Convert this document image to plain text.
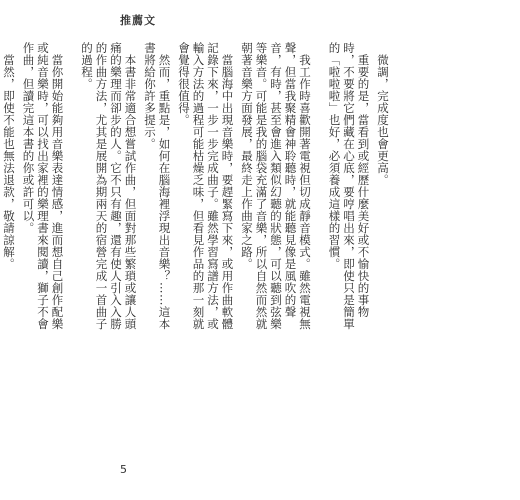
推薦文

微調，完成度也會更高。

重要的是，當看到或經歷什麼美好或不愉快的事物時，不要將它們藏在心底，要哼唱出來，即使只是簡單的「啦啦啦」也好，必須養成這樣的習慣。

我工作時喜歡開著電視但切成靜音模式。雖然電視無聲，但當我聚精會神聆聽時，就能聽見像是風吹的聲音，有時，甚至會進入類似幻聽的狀態，可以聽到弦樂等樂音。可能是我的腦袋充滿了音樂，所以自然而然就朝著音樂方面發展，最終走上作曲家之路。

當腦海中出現音樂時，要趕緊寫下來，或用作曲軟體記錄下來，一步一步完成曲子。雖然學習寫譜方法，或輸入方法的過程可能枯燥乏味，但看見作品的那一刻就會覺得很值得。

然而，重點是，如何在腦海裡浮現出音樂？……這本書將給你許多提示。

本書非常適合想嘗試作曲，但面對那些繁瑣或讓人頭痛的樂理而卻步的人。它不只有趣，還有使人引入入勝的作曲方法，尤其是展開為期兩天的宿營完成一首曲子的過程。

當你開始能夠用音樂表達情感，進而想自己創作配樂或純音樂時，可以找出家裡的樂理書來閱讀，獅子不會作曲，但讀完這本書的你或許可以。

當然，即使不能也無法退款，敬請諒解。

5
